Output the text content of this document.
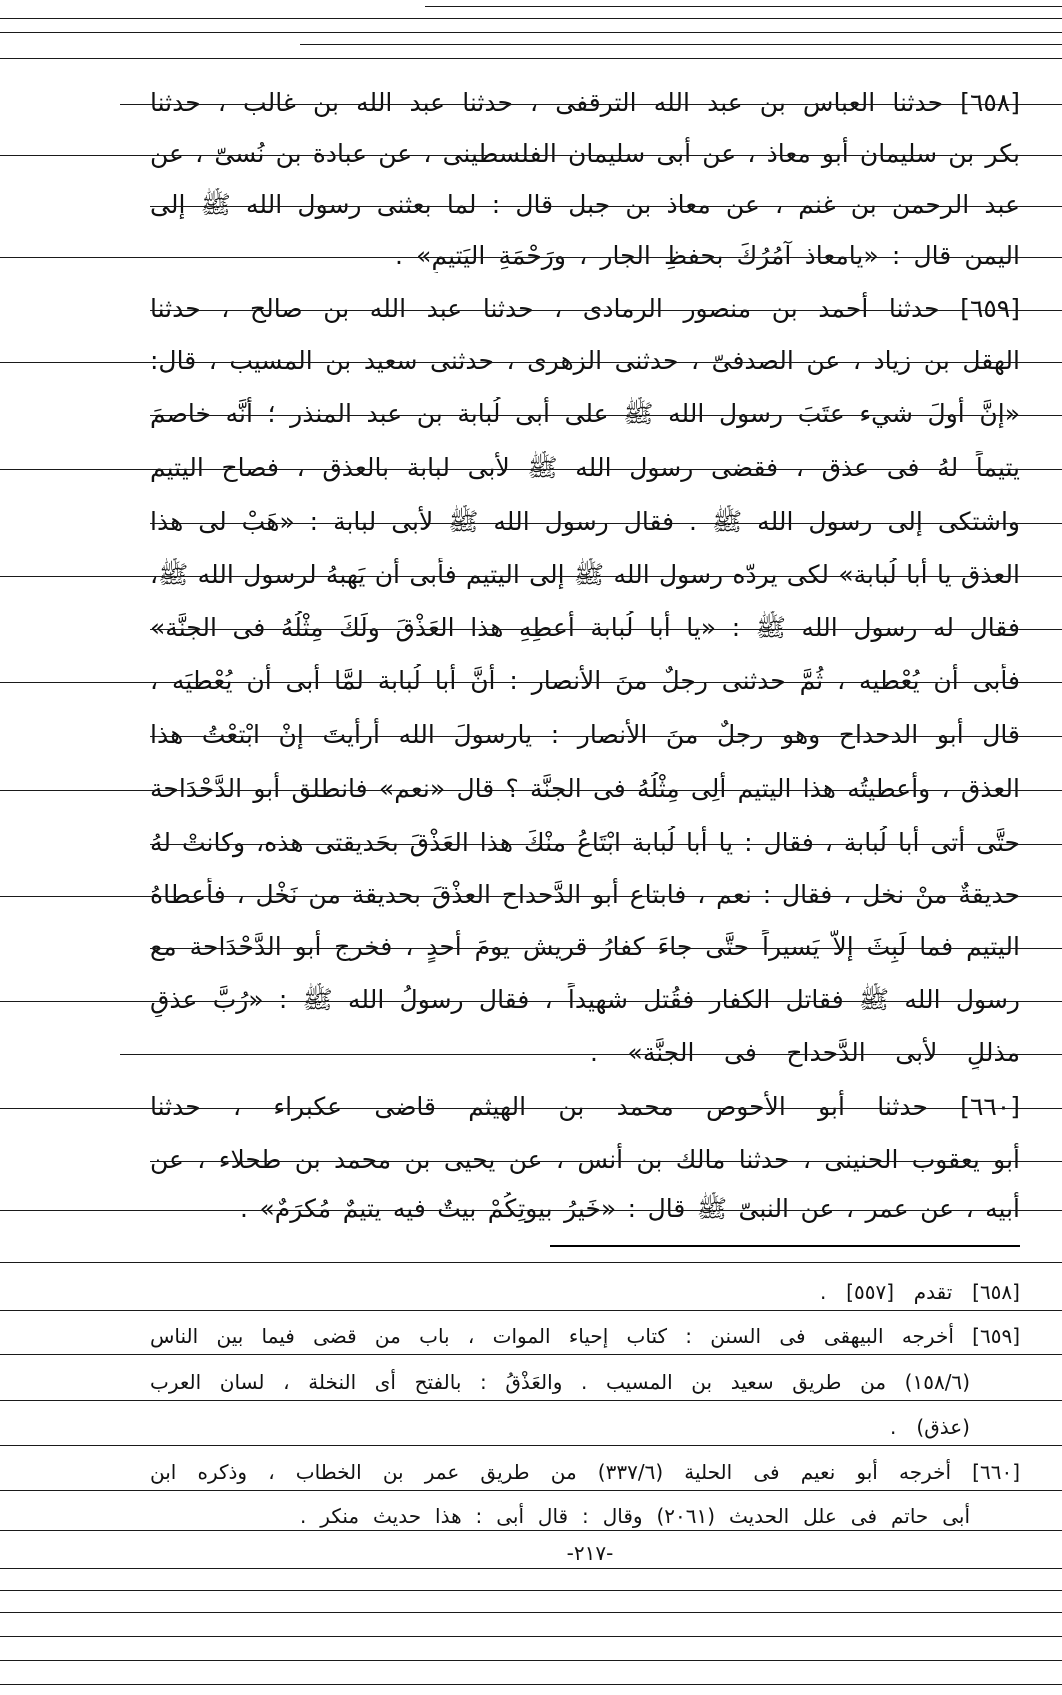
[٦٥٨] حدثنا العباس بن عبد الله الترقفى ، حدثنا عبد الله بن غالب ، حدثنا
بكر بن سليمان أبو معاذ ، عن أبى سليمان الفلسطينى ، عن عبادة بن نُسىّ ، عن
عبد الرحمن بن غنم ، عن معاذ بن جبل قال : لما بعثنى رسول الله ﷺ إلى
اليمن قال : «يامعاذ آمُرُكَ بحفظِ الجار ، ورَحْمَةِ اليَتيمِ» .
[٦٥٩] حدثنا أحمد بن منصور الرمادى ، حدثنا عبد الله بن صالح ، حدثنا
الهقل بن زياد ، عن الصدفىّ ، حدثنى الزهرى ، حدثنى سعيد بن المسيب ، قال:
«إنَّ أولَ شيء عتَبَ رسول الله ﷺ على أبى لُبابة بن عبد المنذر ؛ أنَّه خاصمَ
يتيماً لهُ فى عذق ، فقضى رسول الله ﷺ لأبى لبابة بالعذق ، فصاح اليتيم
واشتكى إلى رسول الله ﷺ . فقال رسول الله ﷺ لأبى لبابة : «هَبْ لى هذا
العذق يا أبا لُبابة» لكى يردّه رسول الله ﷺ إلى اليتيم فأبى أن يَهبهُ لرسول الله ﷺ،
فقال له رسول الله ﷺ : «يا أبا لُبابة أعطِهِ هذا العَذْقَ ولَكَ مِثْلُهُ فى الجنَّة»
فأبى أن يُعْطيه ، ثُمَّ حدثنى رجلٌ منَ الأنصار : أنَّ أبا لُبابة لمَّا أبى أن يُعْطيَه ،
قال أبو الدحداح وهو رجلٌ منَ الأنصار : يارسولَ الله أرأيتَ إنْ ابْتعْتُ هذا
العذق ، وأعطيتُه هذا اليتيم أَلِى مِثْلُهُ فى الجنَّة ؟ قال «نعم» فانطلق أبو الدَّحْدَاحة
حتَّى أتى أبا لُبابة ، فقال : يا أبا لُبابة ابْتَاعُ منْكَ هذا العَذْقَ بحَديقتى هذه، وكانتْ لهُ
حديقةٌ منْ نخل ، فقال : نعم ، فابتاع أبو الدَّحداح العذْقَ بحديقة من نَخْل ، فأعطاهُ
اليتيم فما لَبِثَ إلاَّ يَسيراً حتَّى جاءَ كفارُ قريش يومَ أحدٍ ، فخرج أبو الدَّحْدَاحة مع
رسول الله ﷺ فقاتل الكفار فقُتل شهيداً ، فقال رسولُ الله ﷺ : «رُبَّ عذقٍ
مذللٍ لأبى الدَّحداح فى الجنَّة» .
[٦٦٠] حدثنا أبو الأحوص محمد بن الهيثم قاضى عكبراء ، حدثنا
أبو يعقوب الحنينى ، حدثنا مالك بن أنس ، عن يحيى بن محمد بن طحلاء ، عن
أبيه ، عن عمر ، عن النبىّ ﷺ قال : «خَيرُ بيوتِكُمْ بيتٌ فيه يتيمٌ مُكرَمٌ» .
[٦٥٨] تقدم [٥٥٧] .
[٦٥٩] أخرجه البيهقى فى السنن : كتاب إحياء الموات ، باب من قضى فيما بين الناس
(١٥٨/٦) من طريق سعيد بن المسيب . والعَذْقُ : بالفتح أى النخلة ، لسان العرب
(عذق) .
[٦٦٠] أخرجه أبو نعيم فى الحلية (٣٣٧/٦) من طريق عمر بن الخطاب ، وذكره ابن
أبى حاتم فى علل الحديث (٢٠٦١) وقال : قال أبى : هذا حديث منكر .
-٢١٧-
